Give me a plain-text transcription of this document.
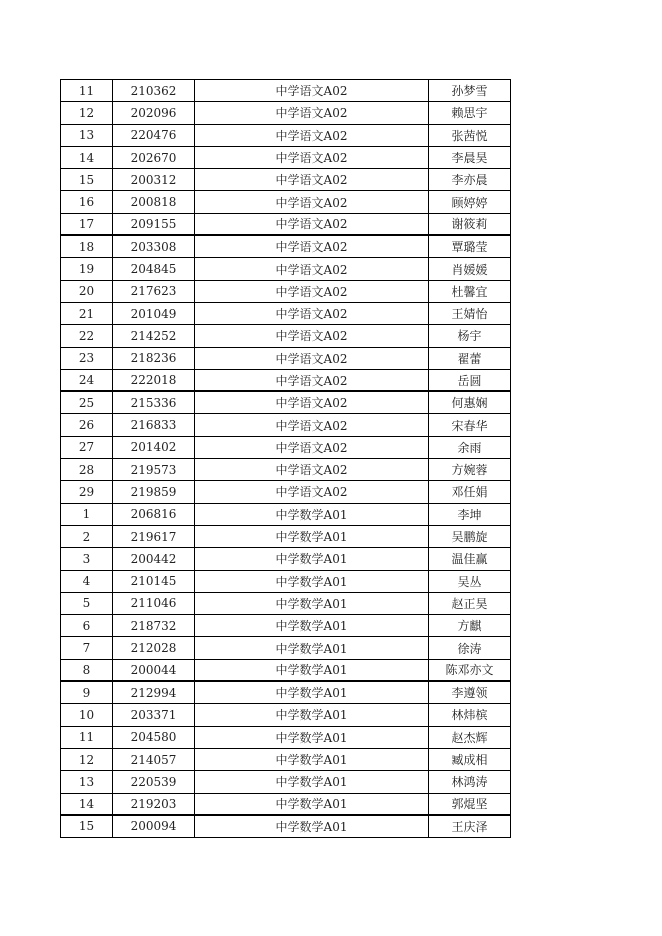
11	210362	中学语文A02	孙梦雪
12	202096	中学语文A02	赖思宇
13	220476	中学语文A02	张茜悦
14	202670	中学语文A02	李晨昊
15	200312	中学语文A02	李亦晨
16	200818	中学语文A02	顾婷婷
17	209155	中学语文A02	谢筱莉
18	203308	中学语文A02	覃璐莹
19	204845	中学语文A02	肖媛媛
20	217623	中学语文A02	杜馨宜
21	201049	中学语文A02	王婧怡
22	214252	中学语文A02	杨宇
23	218236	中学语文A02	翟蕾
24	222018	中学语文A02	岳圆
25	215336	中学语文A02	何惠娴
26	216833	中学语文A02	宋春华
27	201402	中学语文A02	余雨
28	219573	中学语文A02	方婉蓉
29	219859	中学语文A02	邓任娟
1	206816	中学数学A01	李坤
2	219617	中学数学A01	吴鹏旋
3	200442	中学数学A01	温佳赢
4	210145	中学数学A01	吴丛
5	211046	中学数学A01	赵正昊
6	218732	中学数学A01	方麒
7	212028	中学数学A01	徐涛
8	200044	中学数学A01	陈邓亦文
9	212994	中学数学A01	李遵领
10	203371	中学数学A01	林炜槟
11	204580	中学数学A01	赵杰辉
12	214057	中学数学A01	臧成相
13	220539	中学数学A01	林鸿涛
14	219203	中学数学A01	郭焜坚
15	200094	中学数学A01	王庆泽
